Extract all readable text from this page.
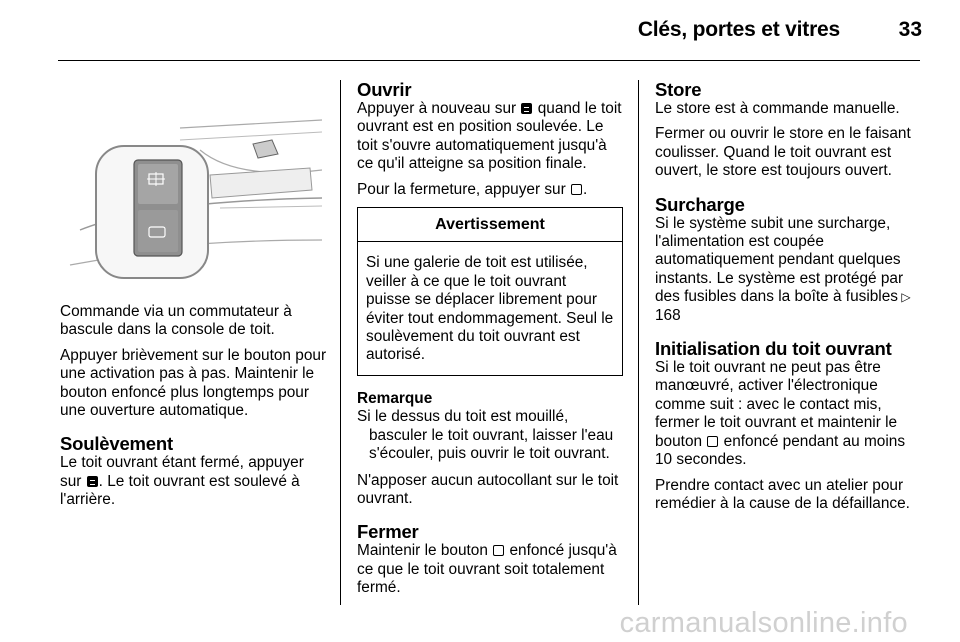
Clés, portes et vitres	33

Commande via un commutateur à bascule dans la console de toit.

Appuyer brièvement sur le bouton pour une activation pas à pas. Maintenir le bouton enfoncé plus longtemps pour une ouverture automatique.

Soulèvement

Le toit ouvrant étant fermé, appuyer sur . Le toit ouvrant est soulevé à l'arrière.

Ouvrir

Appuyer à nouveau sur  quand le toit ouvrant est en position soulevée. Le toit s'ouvre automatiquement jusqu'à ce qu'il atteigne sa position finale.

Pour la fermeture, appuyer sur .

Avertissement
Si une galerie de toit est utilisée, veiller à ce que le toit ouvrant puisse se déplacer librement pour éviter tout endommagement. Seul le soulèvement du toit ouvrant est autorisé.
Remarque
Si le dessus du toit est mouillé, basculer le toit ouvrant, laisser l'eau s'écouler, puis ouvrir le toit ouvrant.

N'apposer aucun autocollant sur le toit ouvrant.

Fermer

Maintenir le bouton  enfoncé jusqu'à ce que le toit ouvrant soit totalement fermé.

Store

Le store est à commande manuelle.

Fermer ou ouvrir le store en le faisant coulisser. Quand le toit ouvrant est ouvert, le store est toujours ouvert.

Surcharge

Si le système subit une surcharge, l'alimentation est coupée automatiquement pendant quelques instants. Le système est protégé par des fusibles dans la boîte à fusibles ▷ 168

Initialisation du toit ouvrant

Si le toit ouvrant ne peut pas être manœuvré, activer l'électronique comme suit : avec le contact mis, fermer le toit ouvrant et maintenir le bouton  enfoncé pendant au moins 10 secondes.

Prendre contact avec un atelier pour remédier à la cause de la défaillance.

carmanualsonline.info
